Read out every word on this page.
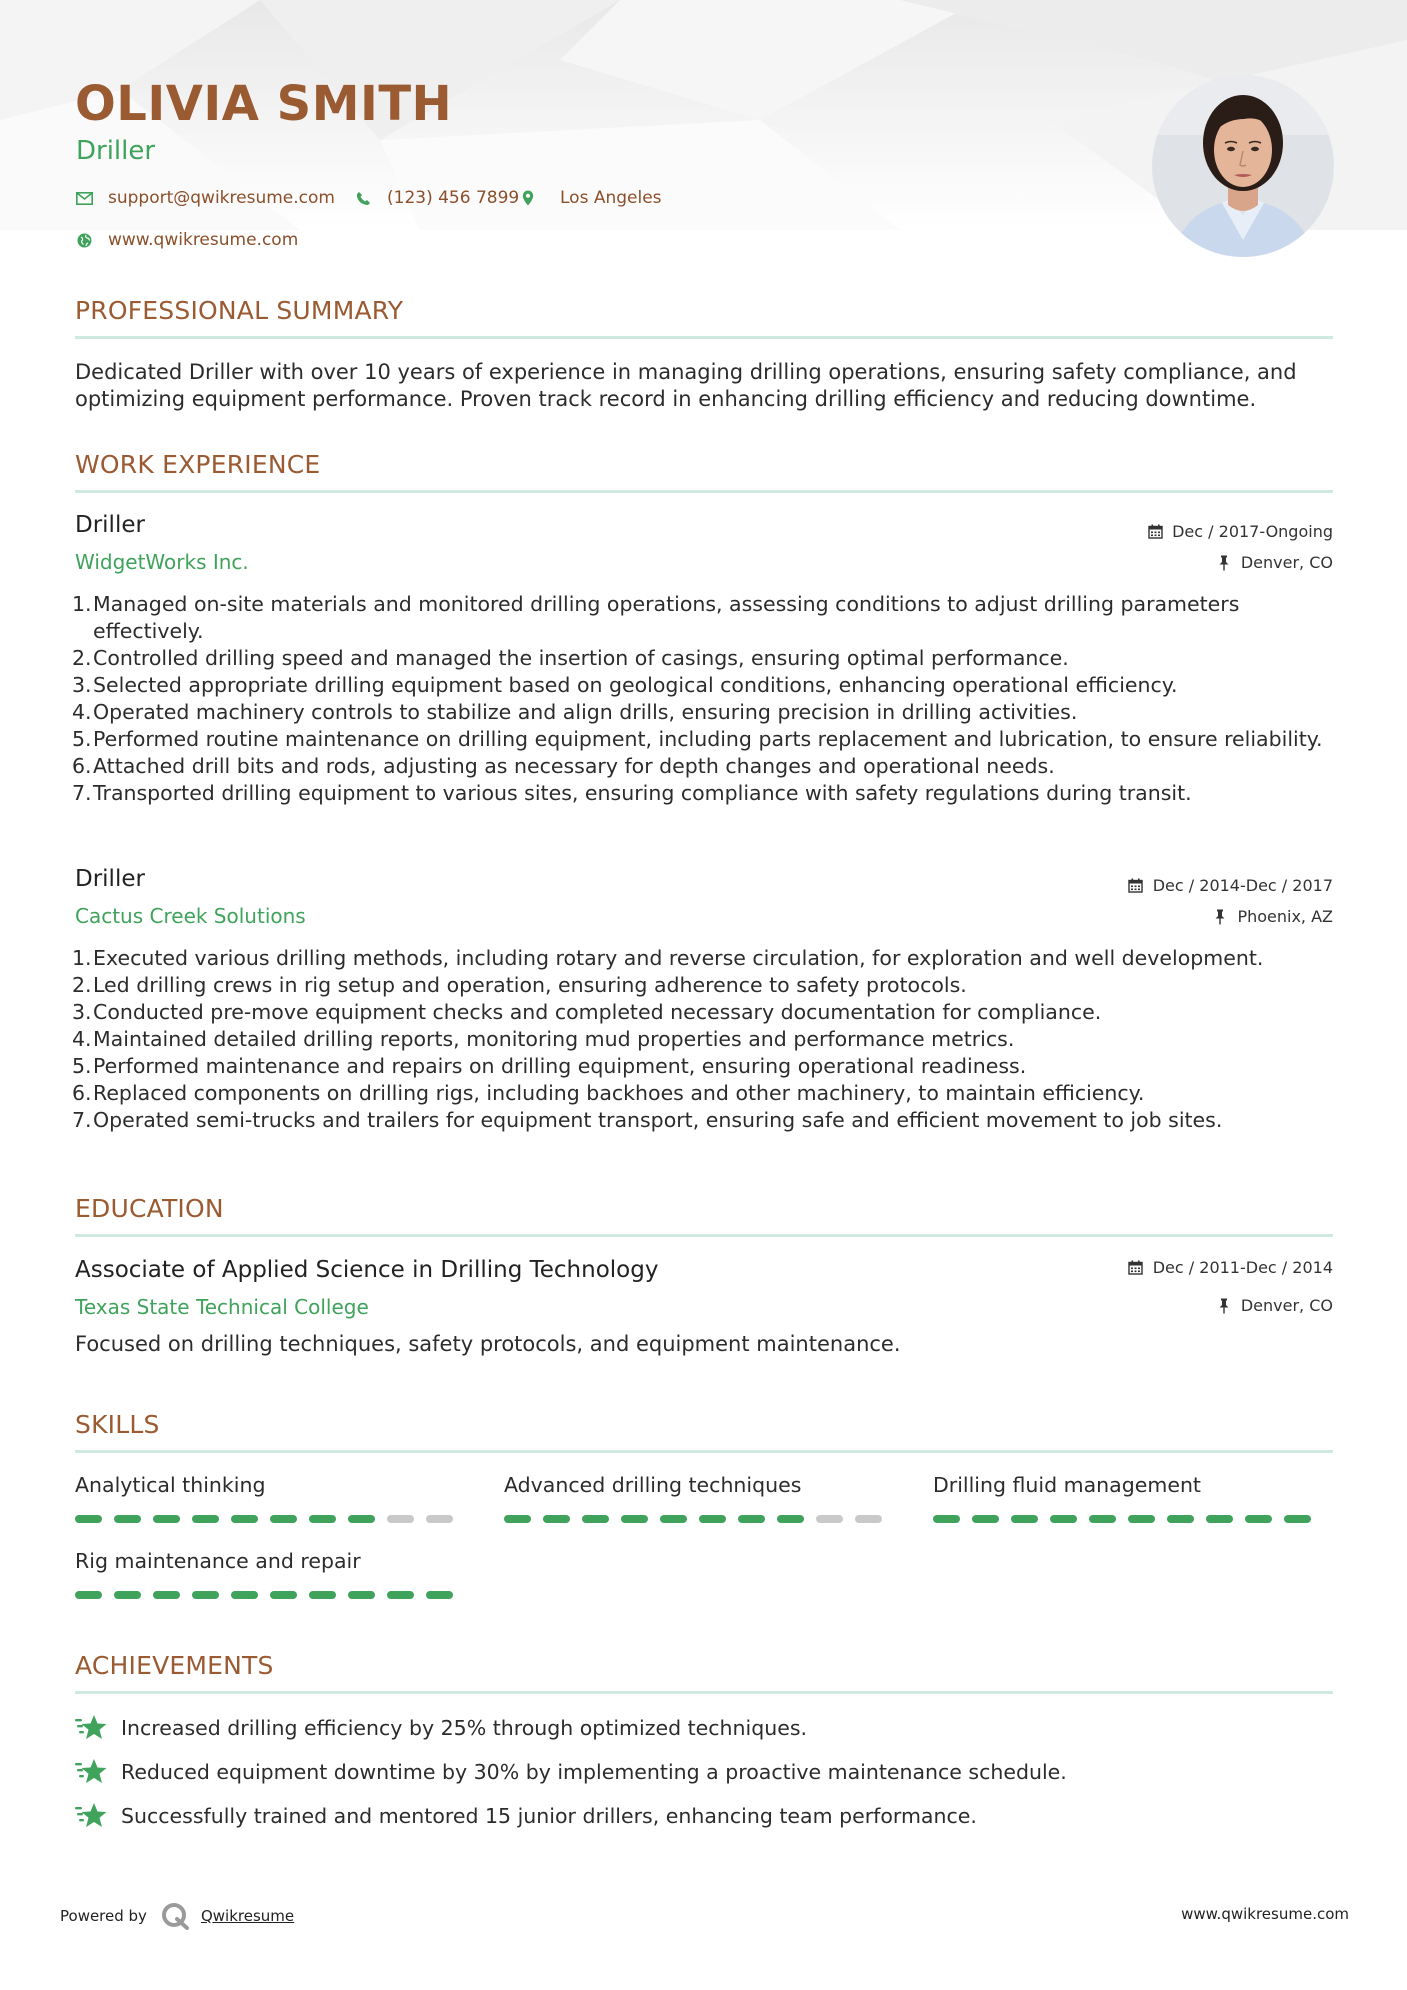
OLIVIA SMITH
Driller
support@qwikresume.com	(123) 456 7899 Los Angeles
www.qwikresume.com
PROFESSIONAL SUMMARY
Dedicated Driller with over 10 years of experience in managing drilling operations, ensuring safety compliance, and optimizing equipment performance. Proven track record in enhancing drilling efficiency and reducing downtime.
WORK EXPERIENCE
Driller
WidgetWorks Inc.
Dec / 2017-Ongoing
Denver, CO
1. Managed on-site materials and monitored drilling operations, assessing conditions to adjust drilling parameters effectively.
2. Controlled drilling speed and managed the insertion of casings, ensuring optimal performance.
3. Selected appropriate drilling equipment based on geological conditions, enhancing operational efficiency.
4. Operated machinery controls to stabilize and align drills, ensuring precision in drilling activities.
5. Performed routine maintenance on drilling equipment, including parts replacement and lubrication, to ensure reliability.
6. Attached drill bits and rods, adjusting as necessary for depth changes and operational needs.
7. Transported drilling equipment to various sites, ensuring compliance with safety regulations during transit.
Driller
Cactus Creek Solutions
Dec / 2014-Dec / 2017
Phoenix, AZ
1. Executed various drilling methods, including rotary and reverse circulation, for exploration and well development.
2. Led drilling crews in rig setup and operation, ensuring adherence to safety protocols.
3. Conducted pre-move equipment checks and completed necessary documentation for compliance.
4. Maintained detailed drilling reports, monitoring mud properties and performance metrics.
5. Performed maintenance and repairs on drilling equipment, ensuring operational readiness.
6. Replaced components on drilling rigs, including backhoes and other machinery, to maintain efficiency.
7. Operated semi-trucks and trailers for equipment transport, ensuring safe and efficient movement to job sites.
EDUCATION
Associate of Applied Science in Drilling Technology
Texas State Technical College
Dec / 2011-Dec / 2014
Denver, CO
Focused on drilling techniques, safety protocols, and equipment maintenance.
SKILLS
Analytical thinking	Advanced drilling techniques	Drilling fluid management
Rig maintenance and repair
ACHIEVEMENTS
Increased drilling efficiency by 25% through optimized techniques.
Reduced equipment downtime by 30% by implementing a proactive maintenance schedule.
Successfully trained and mentored 15 junior drillers, enhancing team performance.
Powered by	Qwikresume	www.qwikresume.com
